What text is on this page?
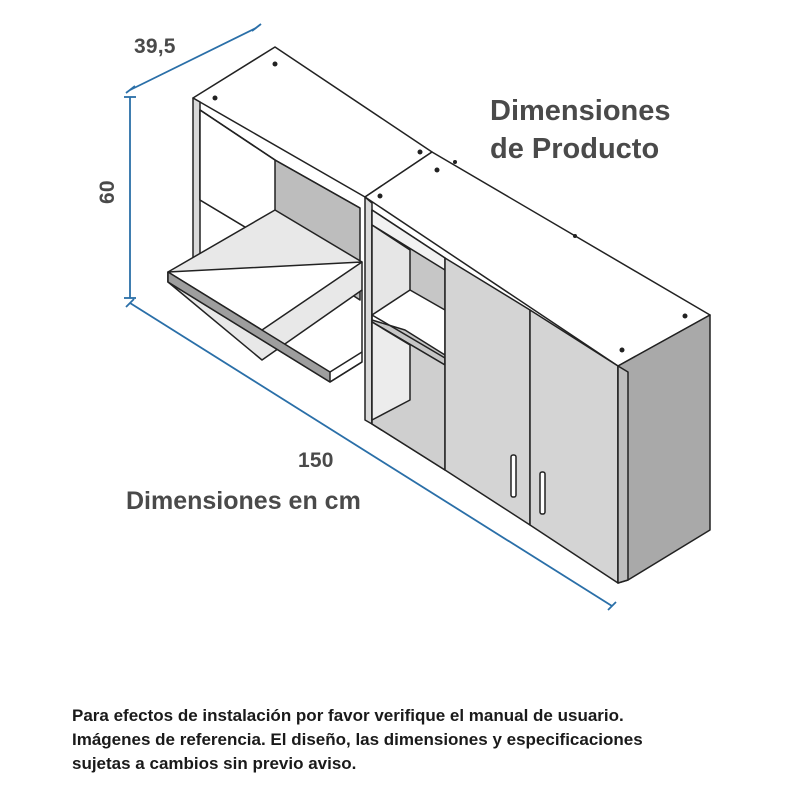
39,5
60
150
Dimensiones
de Producto
Dimensiones en cm
Para efectos de instalación por favor verifique el manual de usuario.
Imágenes de referencia. El diseño, las dimensiones y especificaciones
sujetas a cambios sin previo aviso.
